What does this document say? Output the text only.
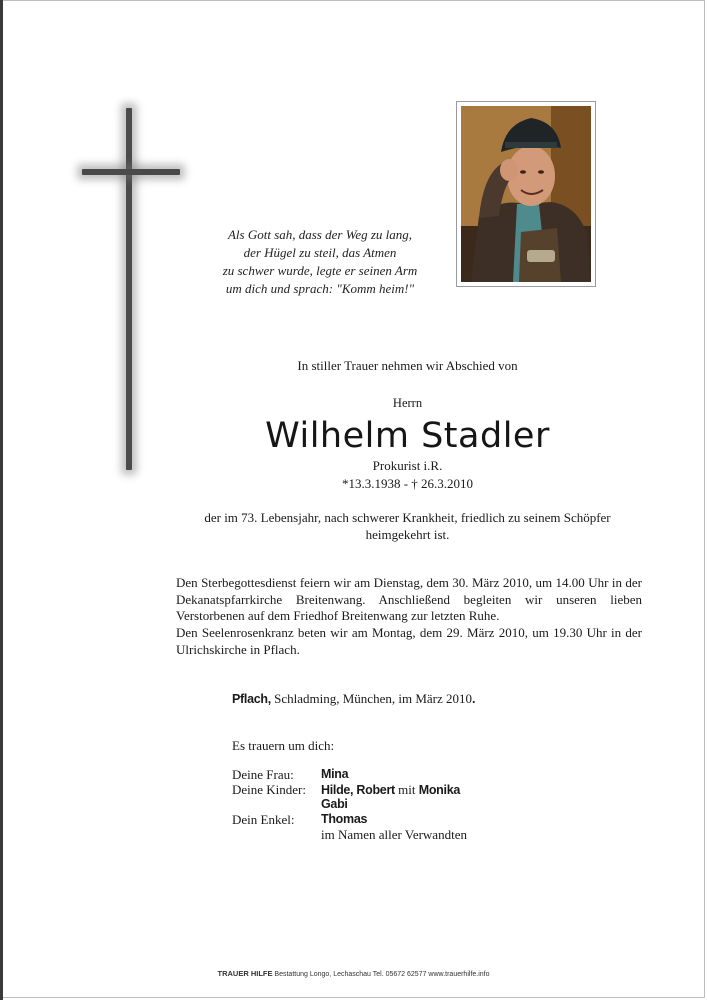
Als Gott sah, dass der Weg zu lang,
der Hügel zu steil, das Atmen
zu schwer wurde, legte er seinen Arm
um dich und sprach: "Komm heim!"
In stiller Trauer nehmen wir Abschied von
Herrn
Wilhelm Stadler
Prokurist i.R.
*13.3.1938 - † 26.3.2010
der im 73. Lebensjahr, nach schwerer Krankheit, friedlich zu seinem Schöpfer
heimgekehrt ist.
Den Sterbegottesdienst feiern wir am Dienstag, dem 30. März 2010, um 14.00 Uhr in der Dekanatspfarrkirche Breitenwang. Anschließend begleiten wir unseren lieben Verstorbenen auf dem Friedhof Breitenwang zur letzten Ruhe.
Den Seelenrosenkranz beten wir am Montag, dem 29. März 2010, um 19.30 Uhr in der Ulrichskirche in Pflach.
Pflach, Schladming, München, im März 2010.
Es trauern um dich:
Deine Frau: Mina
Deine Kinder: Hilde, Robert mit Monika
Gabi
Dein Enkel: Thomas
im Namen aller Verwandten
TRAUER HILFE Bestattung Longo, Lechaschau Tel. 05672 62577 www.trauerhilfe.info
